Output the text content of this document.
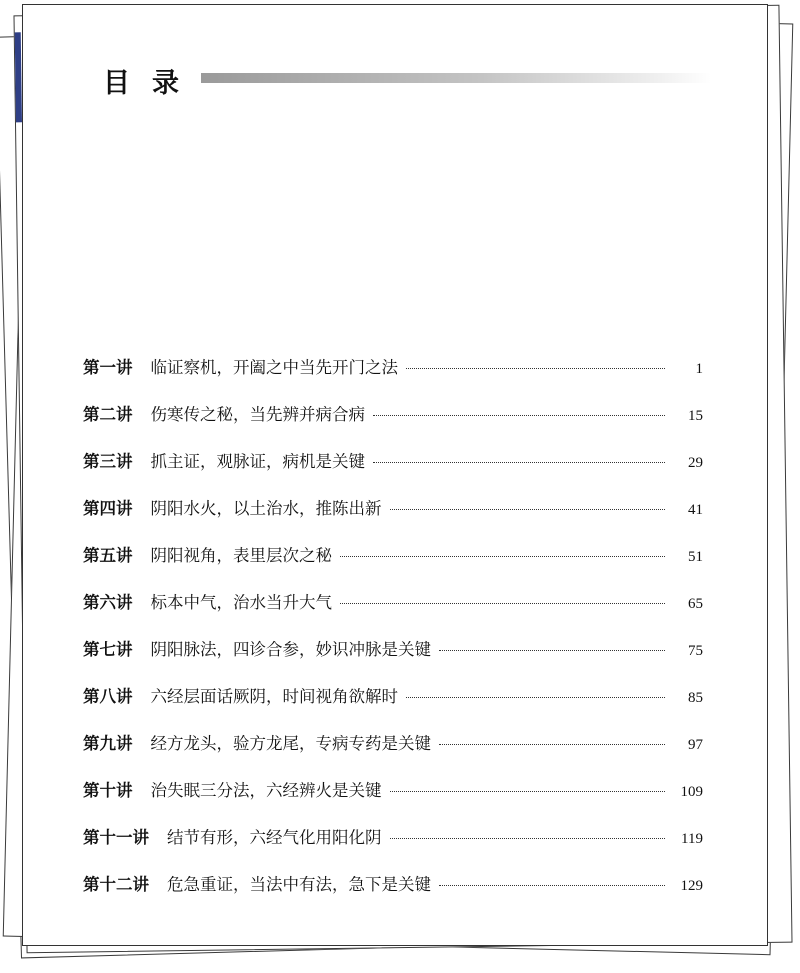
目录
第一讲 临证察机，开阖之中当先开门之法	1
第二讲 伤寒传之秘，当先辨并病合病	15
第三讲 抓主证，观脉证，病机是关键	29
第四讲 阴阳水火，以土治水，推陈出新	41
第五讲 阴阳视角，表里层次之秘	51
第六讲 标本中气，治水当升大气	65
第七讲 阴阳脉法，四诊合参，妙识冲脉是关键	75
第八讲 六经层面话厥阴，时间视角欲解时	85
第九讲 经方龙头，验方龙尾，专病专药是关键	97
第十讲 治失眠三分法，六经辨火是关键	109
第十一讲 结节有形，六经气化用阳化阴	119
第十二讲 危急重证，当法中有法，急下是关键	129
